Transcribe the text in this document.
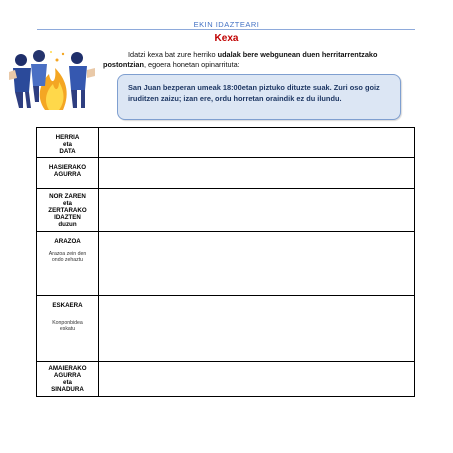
EKIN IDAZTEARI
Kexa
Idatzi kexa bat zure herriko udalak bere webgunean duen herritarrentzako postontzian, egoera honetan opinarrituta:
San Juan bezperan umeak 18:00etan piztuko dituzte suak. Zuri oso goiz iruditzen zaizu; izan ere, ordu horretan oraindik ez du ilundu.
HERRIA
eta
DATA	

HASIERAKO
AGURRA	

NOR ZAREN
eta
ZERTARAKO
IDAZTEN
duzun	

ARAZOA
Arazoa zein den
ondo zehaztu	

ESKAERA
Konponbidea
eskatu	

AMAIERAKO
AGURRA
eta
SINADURA	
